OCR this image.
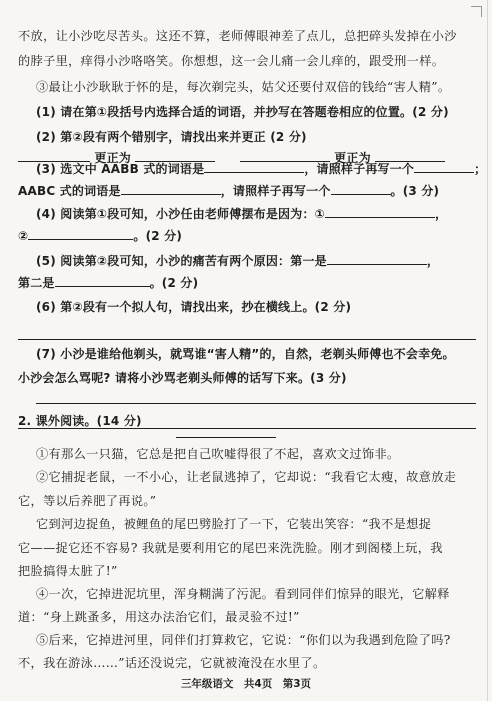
不放，让小沙吃尽苦头。这还不算，老师傅眼神差了点儿，总把碎头发掉在小沙
的脖子里，痒得小沙咯咯笑。你想想，这一会儿痛一会儿痒的，跟受刑一样。
③最让小沙耿耿于怀的是，每次剃完头，姑父还要付双倍的钱给“害人精”。
(1) 请在第①段括号内选择合适的词语，并抄写在答题卷相应的位置。(2 分)
(2) 第②段有两个错别字，请找出来并更正 (2 分)
更正为	更正为
(3) 选文中 AABB 式的词语是	，请照样子再写一个	；
AABC 式的词语是	，请照样子再写一个	。(3 分)
(4) 阅读第①段可知，小沙任由老师傅摆布是因为：①	，
②	。(2 分)
(5) 阅读第②段可知，小沙的痛苦有两个原因：第一是	，
第二是	。(2 分)
(6) 第②段有一个拟人句，请找出来，抄在横线上。(2 分)
(7) 小沙是谁给他剃头，就骂谁“害人精”的，自然，老剃头师傅也不会幸免。
小沙会怎么骂呢? 请将小沙骂老剃头师傅的话写下来。(3 分)
2. 课外阅读。(14 分)
①有那么一只猫，它总是把自己吹嘘得很了不起，喜欢文过饰非。
②它捕捉老鼠，一不小心，让老鼠逃掉了，它却说：“我看它太瘦，故意放走
它，等以后养肥了再说。”
它到河边捉鱼，被鲤鱼的尾巴劈脸打了一下，它装出笑容：“我不是想捉
它——捉它还不容易? 我就是要利用它的尾巴来洗洗脸。刚才到阁楼上玩，我
把脸搞得太脏了!”
④一次，它掉进泥坑里，浑身糊满了污泥。看到同伴们惊异的眼光，它解释
道：“身上跳蚤多，用这办法治它们，最灵验不过!”
⑤后来，它掉进河里，同伴们打算救它，它说：“你们以为我遇到危险了吗?
不，我在游泳……”话还没说完，它就被淹没在水里了。
三年级语文　共4页　第3页
